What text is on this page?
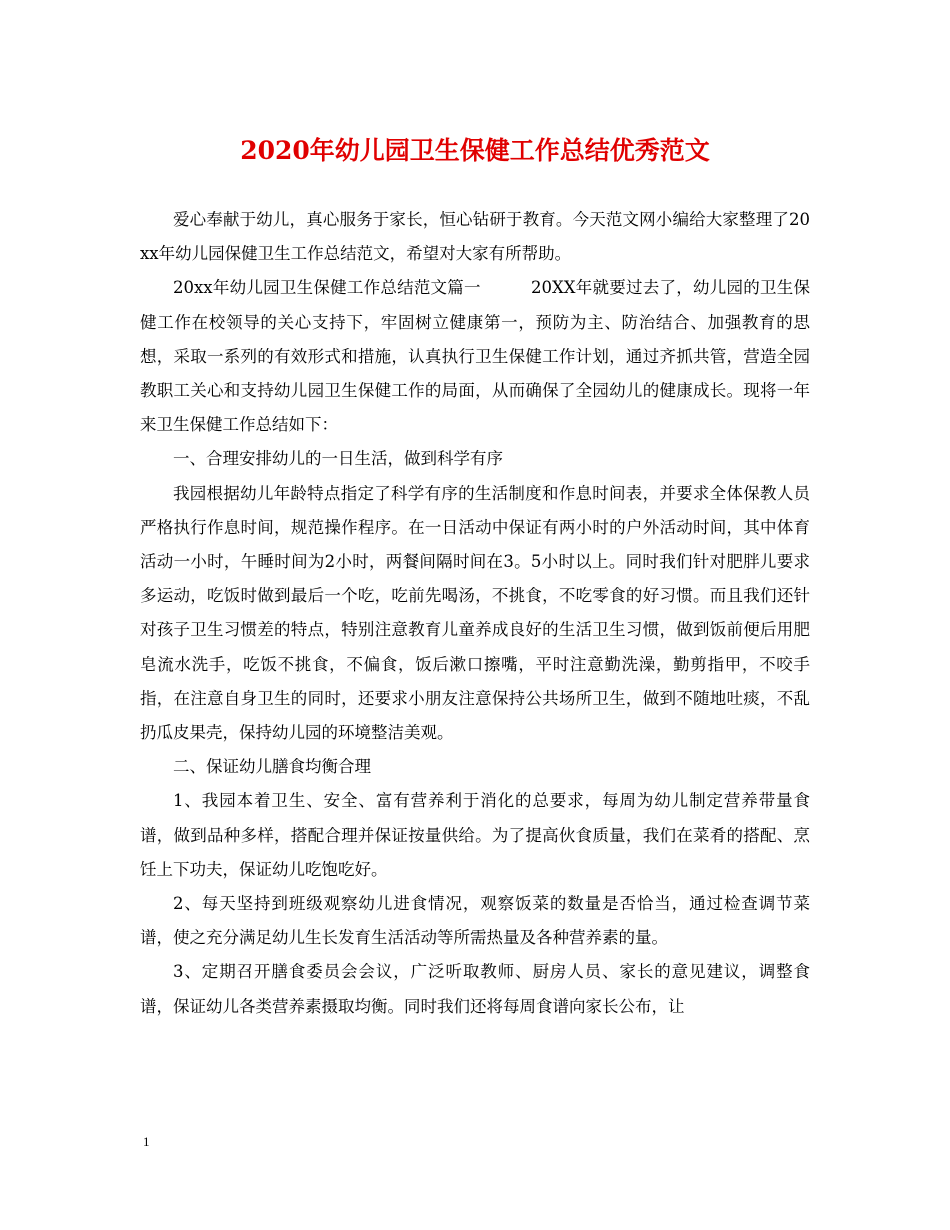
2020年幼儿园卫生保健工作总结优秀范文

爱心奉献于幼儿，真心服务于家长，恒心钻研于教育。今天范文网小编给大家整理了20xx年幼儿园保健卫生工作总结范文，希望对大家有所帮助。

20xx年幼儿园卫生保健工作总结范文篇一　　　20XX年就要过去了，幼儿园的卫生保健工作在校领导的关心支持下，牢固树立健康第一，预防为主、防治结合、加强教育的思想，采取一系列的有效形式和措施，认真执行卫生保健工作计划，通过齐抓共管，营造全园教职工关心和支持幼儿园卫生保健工作的局面，从而确保了全园幼儿的健康成长。现将一年来卫生保健工作总结如下：

一、合理安排幼儿的一日生活，做到科学有序

我园根据幼儿年龄特点指定了科学有序的生活制度和作息时间表，并要求全体保教人员严格执行作息时间，规范操作程序。在一日活动中保证有两小时的户外活动时间，其中体育活动一小时，午睡时间为2小时，两餐间隔时间在3。5小时以上。同时我们针对肥胖儿要求多运动，吃饭时做到最后一个吃，吃前先喝汤，不挑食，不吃零食的好习惯。而且我们还针对孩子卫生习惯差的特点，特别注意教育儿童养成良好的生活卫生习惯，做到饭前便后用肥皂流水洗手，吃饭不挑食，不偏食，饭后漱口擦嘴，平时注意勤洗澡，勤剪指甲，不咬手指，在注意自身卫生的同时，还要求小朋友注意保持公共场所卫生，做到不随地吐痰，不乱扔瓜皮果壳，保持幼儿园的环境整洁美观。

二、保证幼儿膳食均衡合理

1、我园本着卫生、安全、富有营养利于消化的总要求，每周为幼儿制定营养带量食谱，做到品种多样，搭配合理并保证按量供给。为了提高伙食质量，我们在菜肴的搭配、烹饪上下功夫，保证幼儿吃饱吃好。

2、每天坚持到班级观察幼儿进食情况，观察饭菜的数量是否恰当，通过检查调节菜谱，使之充分满足幼儿生长发育生活活动等所需热量及各种营养素的量。

3、定期召开膳食委员会会议，广泛听取教师、厨房人员、家长的意见建议，调整食谱，保证幼儿各类营养素摄取均衡。同时我们还将每周食谱向家长公布，让

1
